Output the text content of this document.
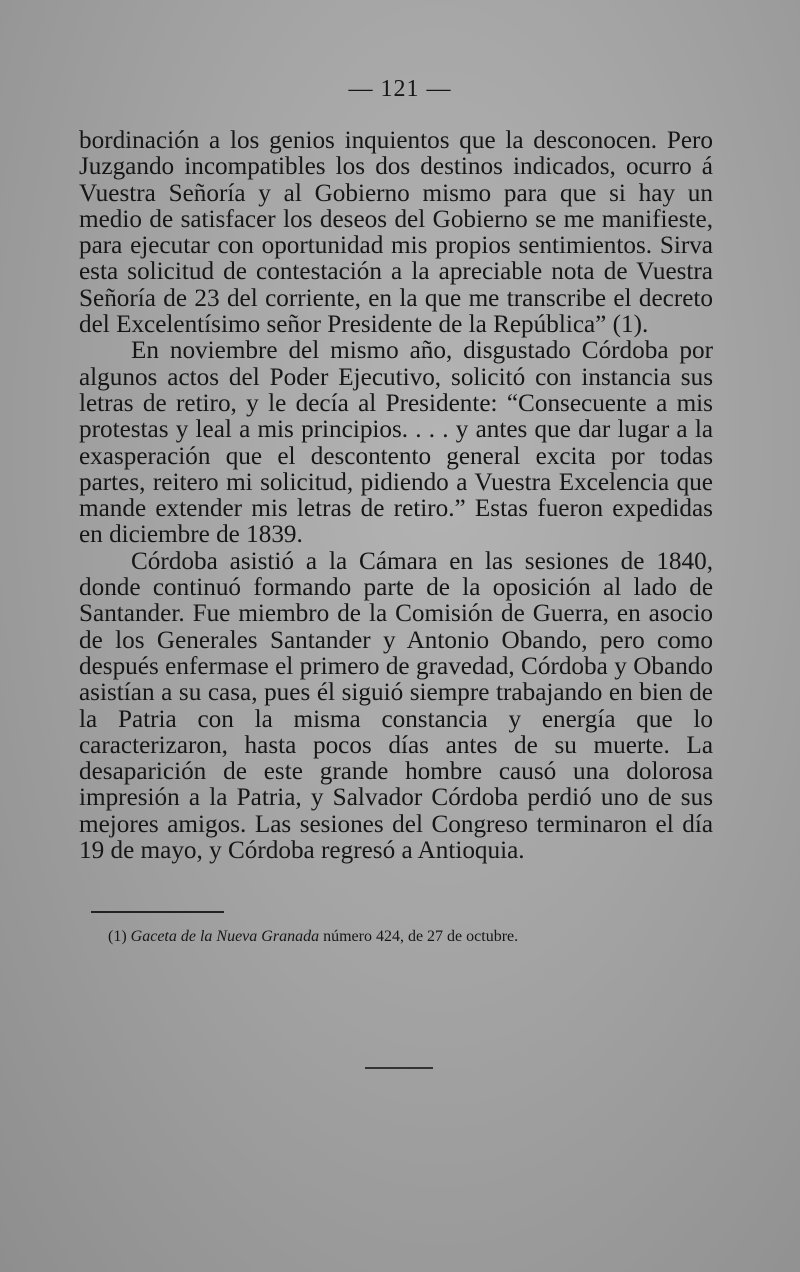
— 121 —

bordinación a los genios inquientos que la desconocen. Pero Juzgando incompatibles los dos destinos indicados, ocurro á Vuestra Señoría y al Gobierno mismo para que si hay un medio de satisfacer los deseos del Gobierno se me manifieste, para ejecutar con oportunidad mis propios sentimientos. Sirva esta solicitud de contestación a la apreciable nota de Vuestra Señoría de 23 del corriente, en la que me transcribe el decreto del Excelentísimo señor Presidente de la República” (1).

En noviembre del mismo año, disgustado Córdoba por algunos actos del Poder Ejecutivo, solicitó con instancia sus letras de retiro, y le decía al Presidente: “Consecuente a mis protestas y leal a mis principios. . . . y antes que dar lugar a la exasperación que el descontento general excita por todas partes, reitero mi solicitud, pidiendo a Vuestra Excelencia que mande extender mis letras de retiro.” Estas fueron expedidas en diciembre de 1839.

Córdoba asistió a la Cámara en las sesiones de 1840, donde continuó formando parte de la oposición al lado de Santander. Fue miembro de la Comisión de Guerra, en asocio de los Generales Santander y Antonio Obando, pero como después enfermase el primero de gravedad, Córdoba y Obando asistían a su casa, pues él siguió siempre trabajando en bien de la Patria con la misma constancia y energía que lo caracterizaron, hasta pocos días antes de su muerte. La desaparición de este grande hombre causó una dolorosa impresión a la Patria, y Salvador Córdoba perdió uno de sus mejores amigos. Las sesiones del Congreso terminaron el día 19 de mayo, y Córdoba regresó a Antioquia.

(1) Gaceta de la Nueva Granada número 424, de 27 de octubre.
